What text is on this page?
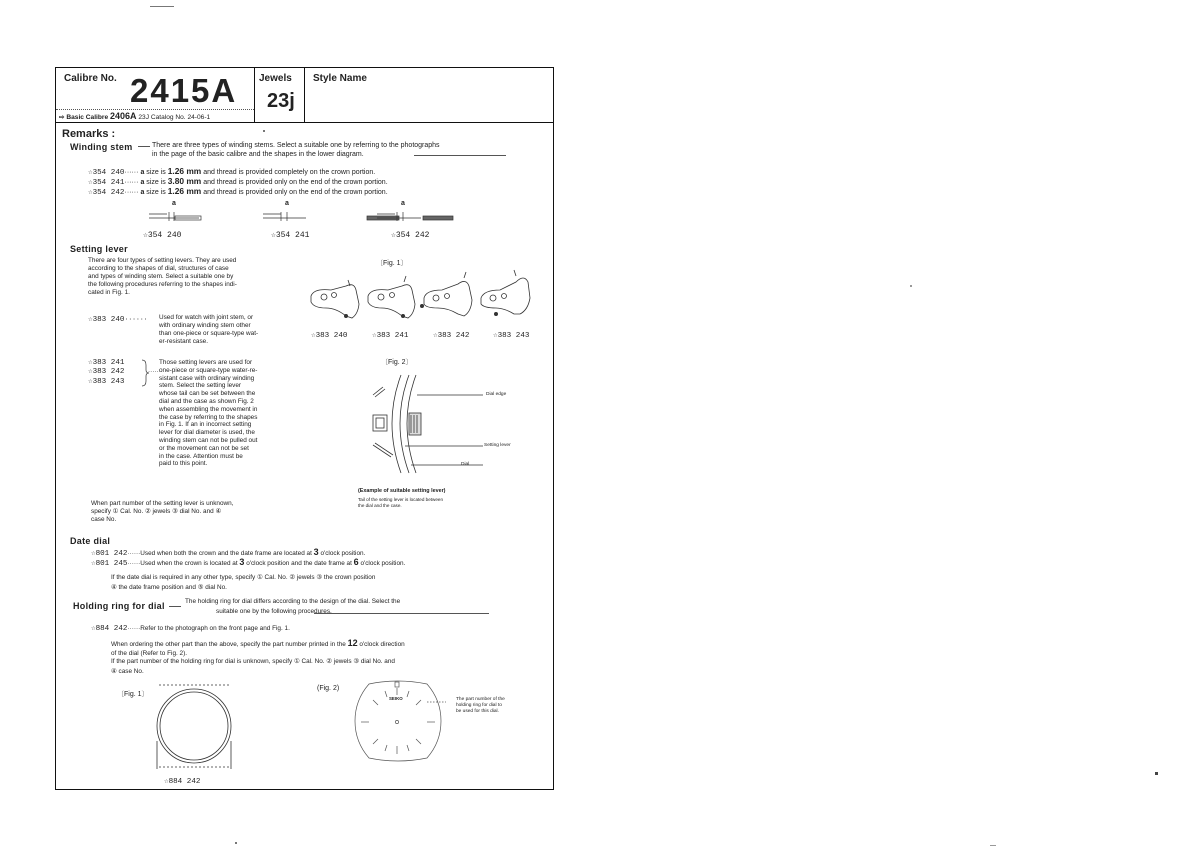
Calibre No. 2415A
⇨ Basic Calibre 2406A 23J Catalog No. 24-06-1
Jewels
23j
Style Name
Remarks :
Winding stem	There are three types of winding stems. Select a suitable one by referring to the photographs
in the page of the basic calibre and the shapes in the lower diagram.
☆354 240······ a size is 1.26 mm and thread is provided completely on the crown portion.
☆354 241······ a size is 3.80 mm and thread is provided only on the end of the crown portion.
☆354 242······ a size is 1.26 mm and thread is provided only on the end of the crown portion.
a	a	a
☆354 240	☆354 241	☆354 242
Setting lever
There are four types of setting levers. They are used
according to the shapes of dial, structures of case
and types of winding stem. Select a suitable one by
the following procedures referring to the shapes indi-
cated in Fig. 1.
☆383 240······ Used for watch with joint stem, or
with ordinary winding stem other
than one-piece or square-type wat-
er-resistant case.
☆383 241
☆383 242
☆383 243
······
Those setting levers are used for
one-piece or square-type water-re-
sistant case with ordinary winding
stem. Select the setting lever
whose tail can be set between the
dial and the case as shown Fig. 2
when assembling the movement in
the case by referring to the shapes
in Fig. 1. If an in incorrect setting
lever for dial diameter is used, the
winding stem can not be pulled out
or the movement can not be set
in the case. Attention must be
paid to this point.
When part number of the setting lever is unknown,
specify ① Cal. No. ② jewels ③ dial No. and ④
case No.
〔Fig. 1〕
☆383 240	☆383 241	☆383 242	☆383 243
〔Fig. 2〕
Dial edge
Setting lever
Dial
(Example of suitable setting lever)
Tail of the setting lever is located between
the dial and the case.
Date dial
☆801 242······Used when both the crown and the date frame are located at 3 o'clock position.
☆801 245······Used when the crown is located at 3 o'clock position and the date frame at 6 o'clock position.
If the date dial is required in any other type, specify ① Cal. No. ② jewels ③ the crown position
④ the date frame position and ⑤ dial No.
Holding ring for dial	The holding ring for dial differs according to the design of the dial. Select the
suitable one by the following procedures.
☆884 242······Refer to the photograph on the front page and Fig. 1.
When ordering the other part than the above, specify the part number printed in the 12 o'clock direction
of the dial (Refer to Fig. 2).
If the part number of the holding ring for dial is unknown, specify ① Cal. No. ② jewels ③ dial No. and
④ case No.
〔Fig. 1〕
☆884 242
(Fig. 2)
SEIKO	The part number of the
holding ring for dial to
be used for this dial.
